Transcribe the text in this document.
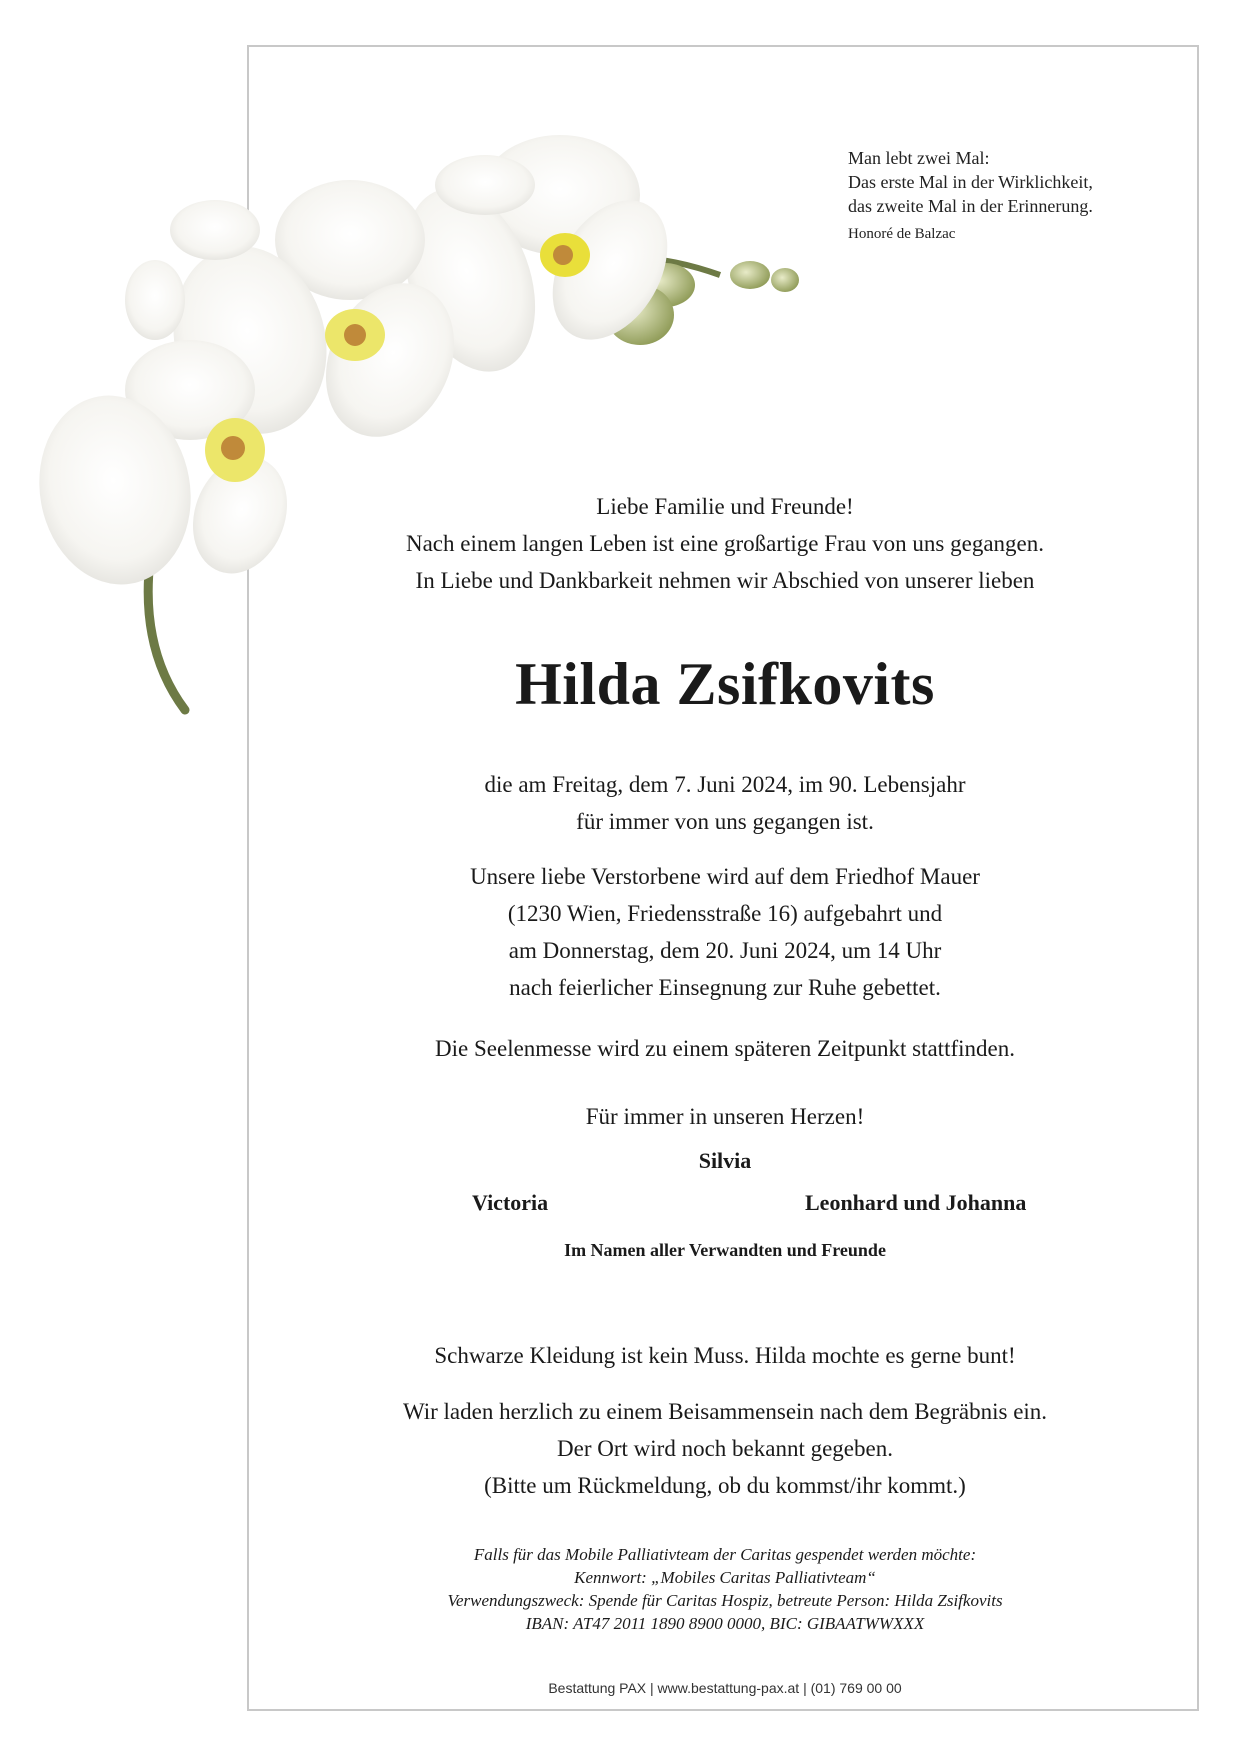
Man lebt zwei Mal:
Das erste Mal in der Wirklichkeit,
das zweite Mal in der Erinnerung.
Honoré de Balzac

Liebe Familie und Freunde!

Nach einem langen Leben ist eine großartige Frau von uns gegangen.

In Liebe und Dankbarkeit nehmen wir Abschied von unserer lieben

Hilda Zsifkovits

die am Freitag, dem 7. Juni 2024, im 90. Lebensjahr

für immer von uns gegangen ist.

Unsere liebe Verstorbene wird auf dem Friedhof Mauer

(1230 Wien, Friedensstraße 16) aufgebahrt und

am Donnerstag, dem 20. Juni 2024, um 14 Uhr

nach feierlicher Einsegnung zur Ruhe gebettet.

Die Seelenmesse wird zu einem späteren Zeitpunkt stattfinden.

Für immer in unseren Herzen!

Silvia
Victoria	Leonhard und Johanna
Im Namen aller Verwandten und Freunde

Schwarze Kleidung ist kein Muss. Hilda mochte es gerne bunt!

Wir laden herzlich zu einem Beisammensein nach dem Begräbnis ein.

Der Ort wird noch bekannt gegeben.

(Bitte um Rückmeldung, ob du kommst/ihr kommt.)

Falls für das Mobile Palliativteam der Caritas gespendet werden möchte:
Kennwort: „Mobiles Caritas Palliativteam“
Verwendungszweck: Spende für Caritas Hospiz, betreute Person: Hilda Zsifkovits
IBAN: AT47 2011 1890 8900 0000, BIC: GIBAATWWXXX
Bestattung PAX | www.bestattung-pax.at | (01) 769 00 00
